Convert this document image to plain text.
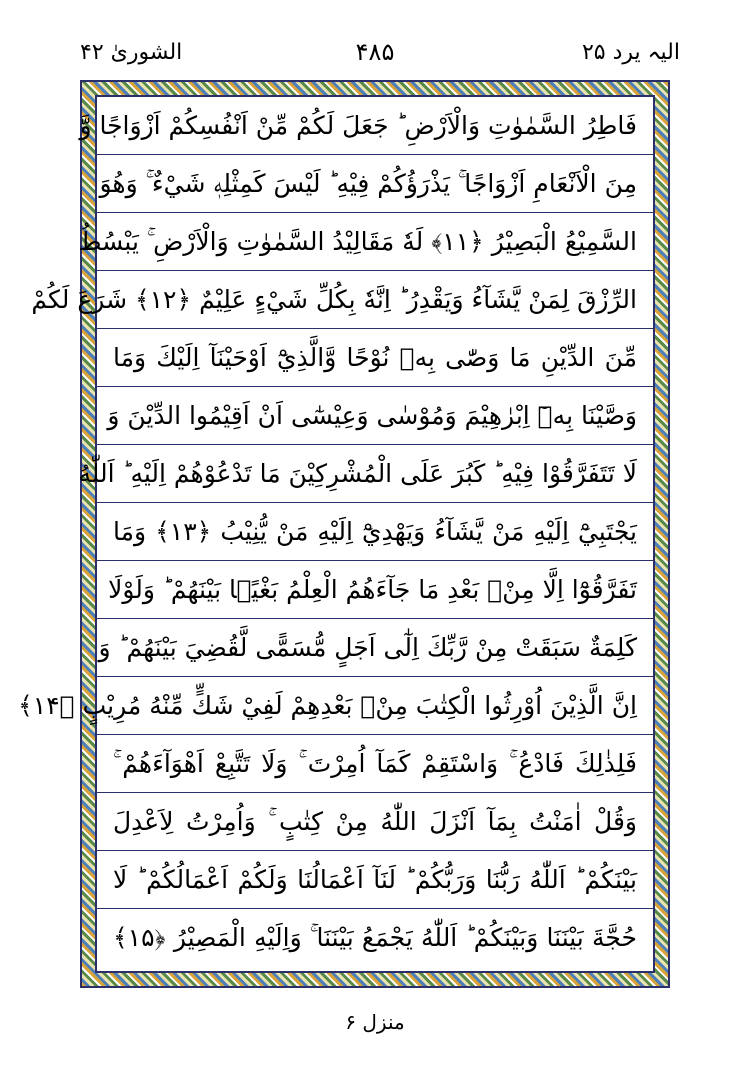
الیہ یرد ۲۵
۴۸۵
الشوریٰ ۴۲
فَاطِرُ السَّمٰوٰتِ وَالْاَرْضِ ؕ جَعَلَ لَكُمْ مِّنْ اَنْفُسِكُمْ اَزْوَاجًا وَّ
مِنَ الْاَنْعَامِ اَزْوَاجًا ۚ يَذْرَؤُكُمْ فِيْهِ ؕ لَيْسَ كَمِثْلِهٖ شَيْءٌ ۚ وَهُوَ
السَّمِيْعُ الْبَصِيْرُ ﴿۱۱﴾ لَهٗ مَقَالِيْدُ السَّمٰوٰتِ وَالْاَرْضِ ۚ يَبْسُطُ
الرِّزْقَ لِمَنْ يَّشَآءُ وَيَقْدِرُ ؕ اِنَّهٗ بِكُلِّ شَيْءٍ عَلِيْمٌ ﴿۱۲﴾ شَرَعَ لَكُمْ
مِّنَ الدِّيْنِ مَا وَصّٰى بِهٖ نُوْحًا وَّالَّذِيْٓ اَوْحَيْنَآ اِلَيْكَ وَمَا
وَصَّيْنَا بِهٖٓ اِبْرٰهِيْمَ وَمُوْسٰى وَعِيْسٰٓى اَنْ اَقِيْمُوا الدِّيْنَ وَ
لَا تَتَفَرَّقُوْا فِيْهِ ؕ كَبُرَ عَلَى الْمُشْرِكِيْنَ مَا تَدْعُوْهُمْ اِلَيْهِ ؕ اَللّٰهُ
يَجْتَبِيْٓ اِلَيْهِ مَنْ يَّشَآءُ وَيَهْدِيْٓ اِلَيْهِ مَنْ يُّنِيْبُ ﴿۱۳﴾ وَمَا
تَفَرَّقُوْٓا اِلَّا مِنْۢ بَعْدِ مَا جَآءَهُمُ الْعِلْمُ بَغْيًۢا بَيْنَهُمْ ؕ وَلَوْلَا
كَلِمَةٌ سَبَقَتْ مِنْ رَّبِّكَ اِلٰٓى اَجَلٍ مُّسَمًّى لَّقُضِيَ بَيْنَهُمْ ؕ وَ
اِنَّ الَّذِيْنَ اُوْرِثُوا الْكِتٰبَ مِنْۢ بَعْدِهِمْ لَفِيْ شَكٍّ مِّنْهُ مُرِيْبٍ ﴿۱۴﴾
فَلِذٰلِكَ فَادْعُ ۚ وَاسْتَقِمْ كَمَآ اُمِرْتَ ۚ وَلَا تَتَّبِعْ اَهْوَآءَهُمْ ۚ
وَقُلْ اٰمَنْتُ بِمَآ اَنْزَلَ اللّٰهُ مِنْ كِتٰبٍ ۚ وَاُمِرْتُ لِاَعْدِلَ
بَيْنَكُمْ ؕ اَللّٰهُ رَبُّنَا وَرَبُّكُمْ ؕ لَنَآ اَعْمَالُنَا وَلَكُمْ اَعْمَالُكُمْ ؕ لَا
حُجَّةَ بَيْنَنَا وَبَيْنَكُمْ ؕ اَللّٰهُ يَجْمَعُ بَيْنَنَا ۚ وَاِلَيْهِ الْمَصِيْرُ ﴿۱۵﴾
منزل ۶
